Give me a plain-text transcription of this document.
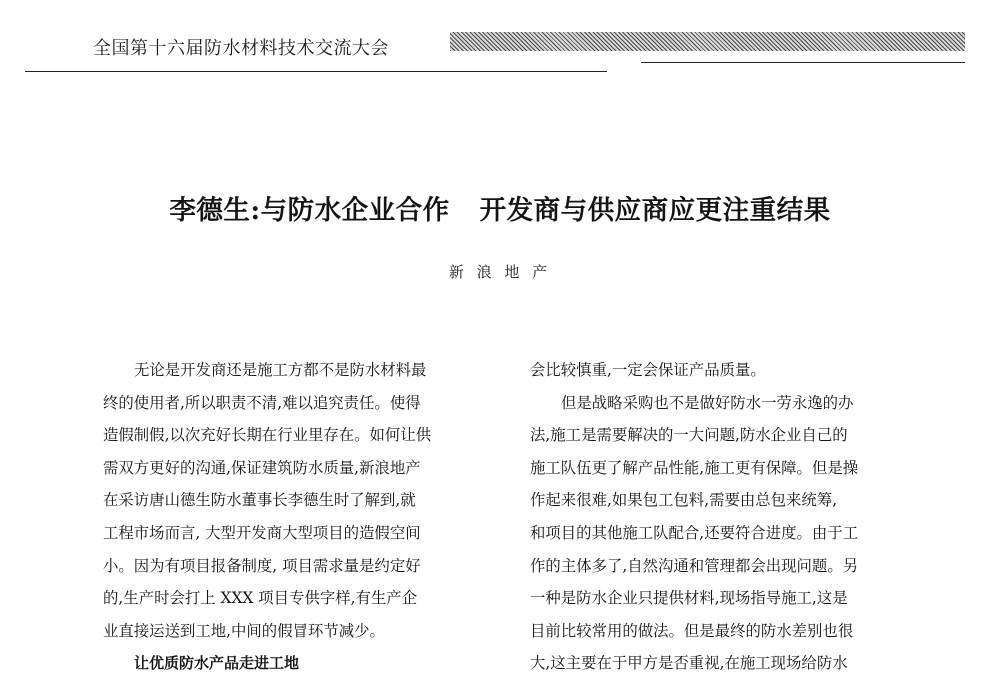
全国第十六届防水材料技术交流大会
李德生:与防水企业合作 开发商与供应商应更注重结果
新 浪 地 产
无论是开发商还是施工方都不是防水材料最
终的使用者,所以职责不清,难以追究责任。使得
造假制假,以次充好长期在行业里存在。如何让供
需双方更好的沟通,保证建筑防水质量,新浪地产
在采访唐山德生防水董事长李德生时了解到,就
工程市场而言, 大型开发商大型项目的造假空间
小。因为有项目报备制度, 项目需求量是约定好
的,生产时会打上 XXX 项目专供字样,有生产企
业直接运送到工地,中间的假冒环节减少。
让优质防水产品走进工地
会比较慎重,一定会保证产品质量。
但是战略采购也不是做好防水一劳永逸的办
法,施工是需要解决的一大问题,防水企业自己的
施工队伍更了解产品性能,施工更有保障。但是操
作起来很难,如果包工包料,需要由总包来统筹,
和项目的其他施工队配合,还要符合进度。由于工
作的主体多了,自然沟通和管理都会出现问题。另
一种是防水企业只提供材料,现场指导施工,这是
目前比较常用的做法。但是最终的防水差别也很
大,这主要在于甲方是否重视,在施工现场给防水
